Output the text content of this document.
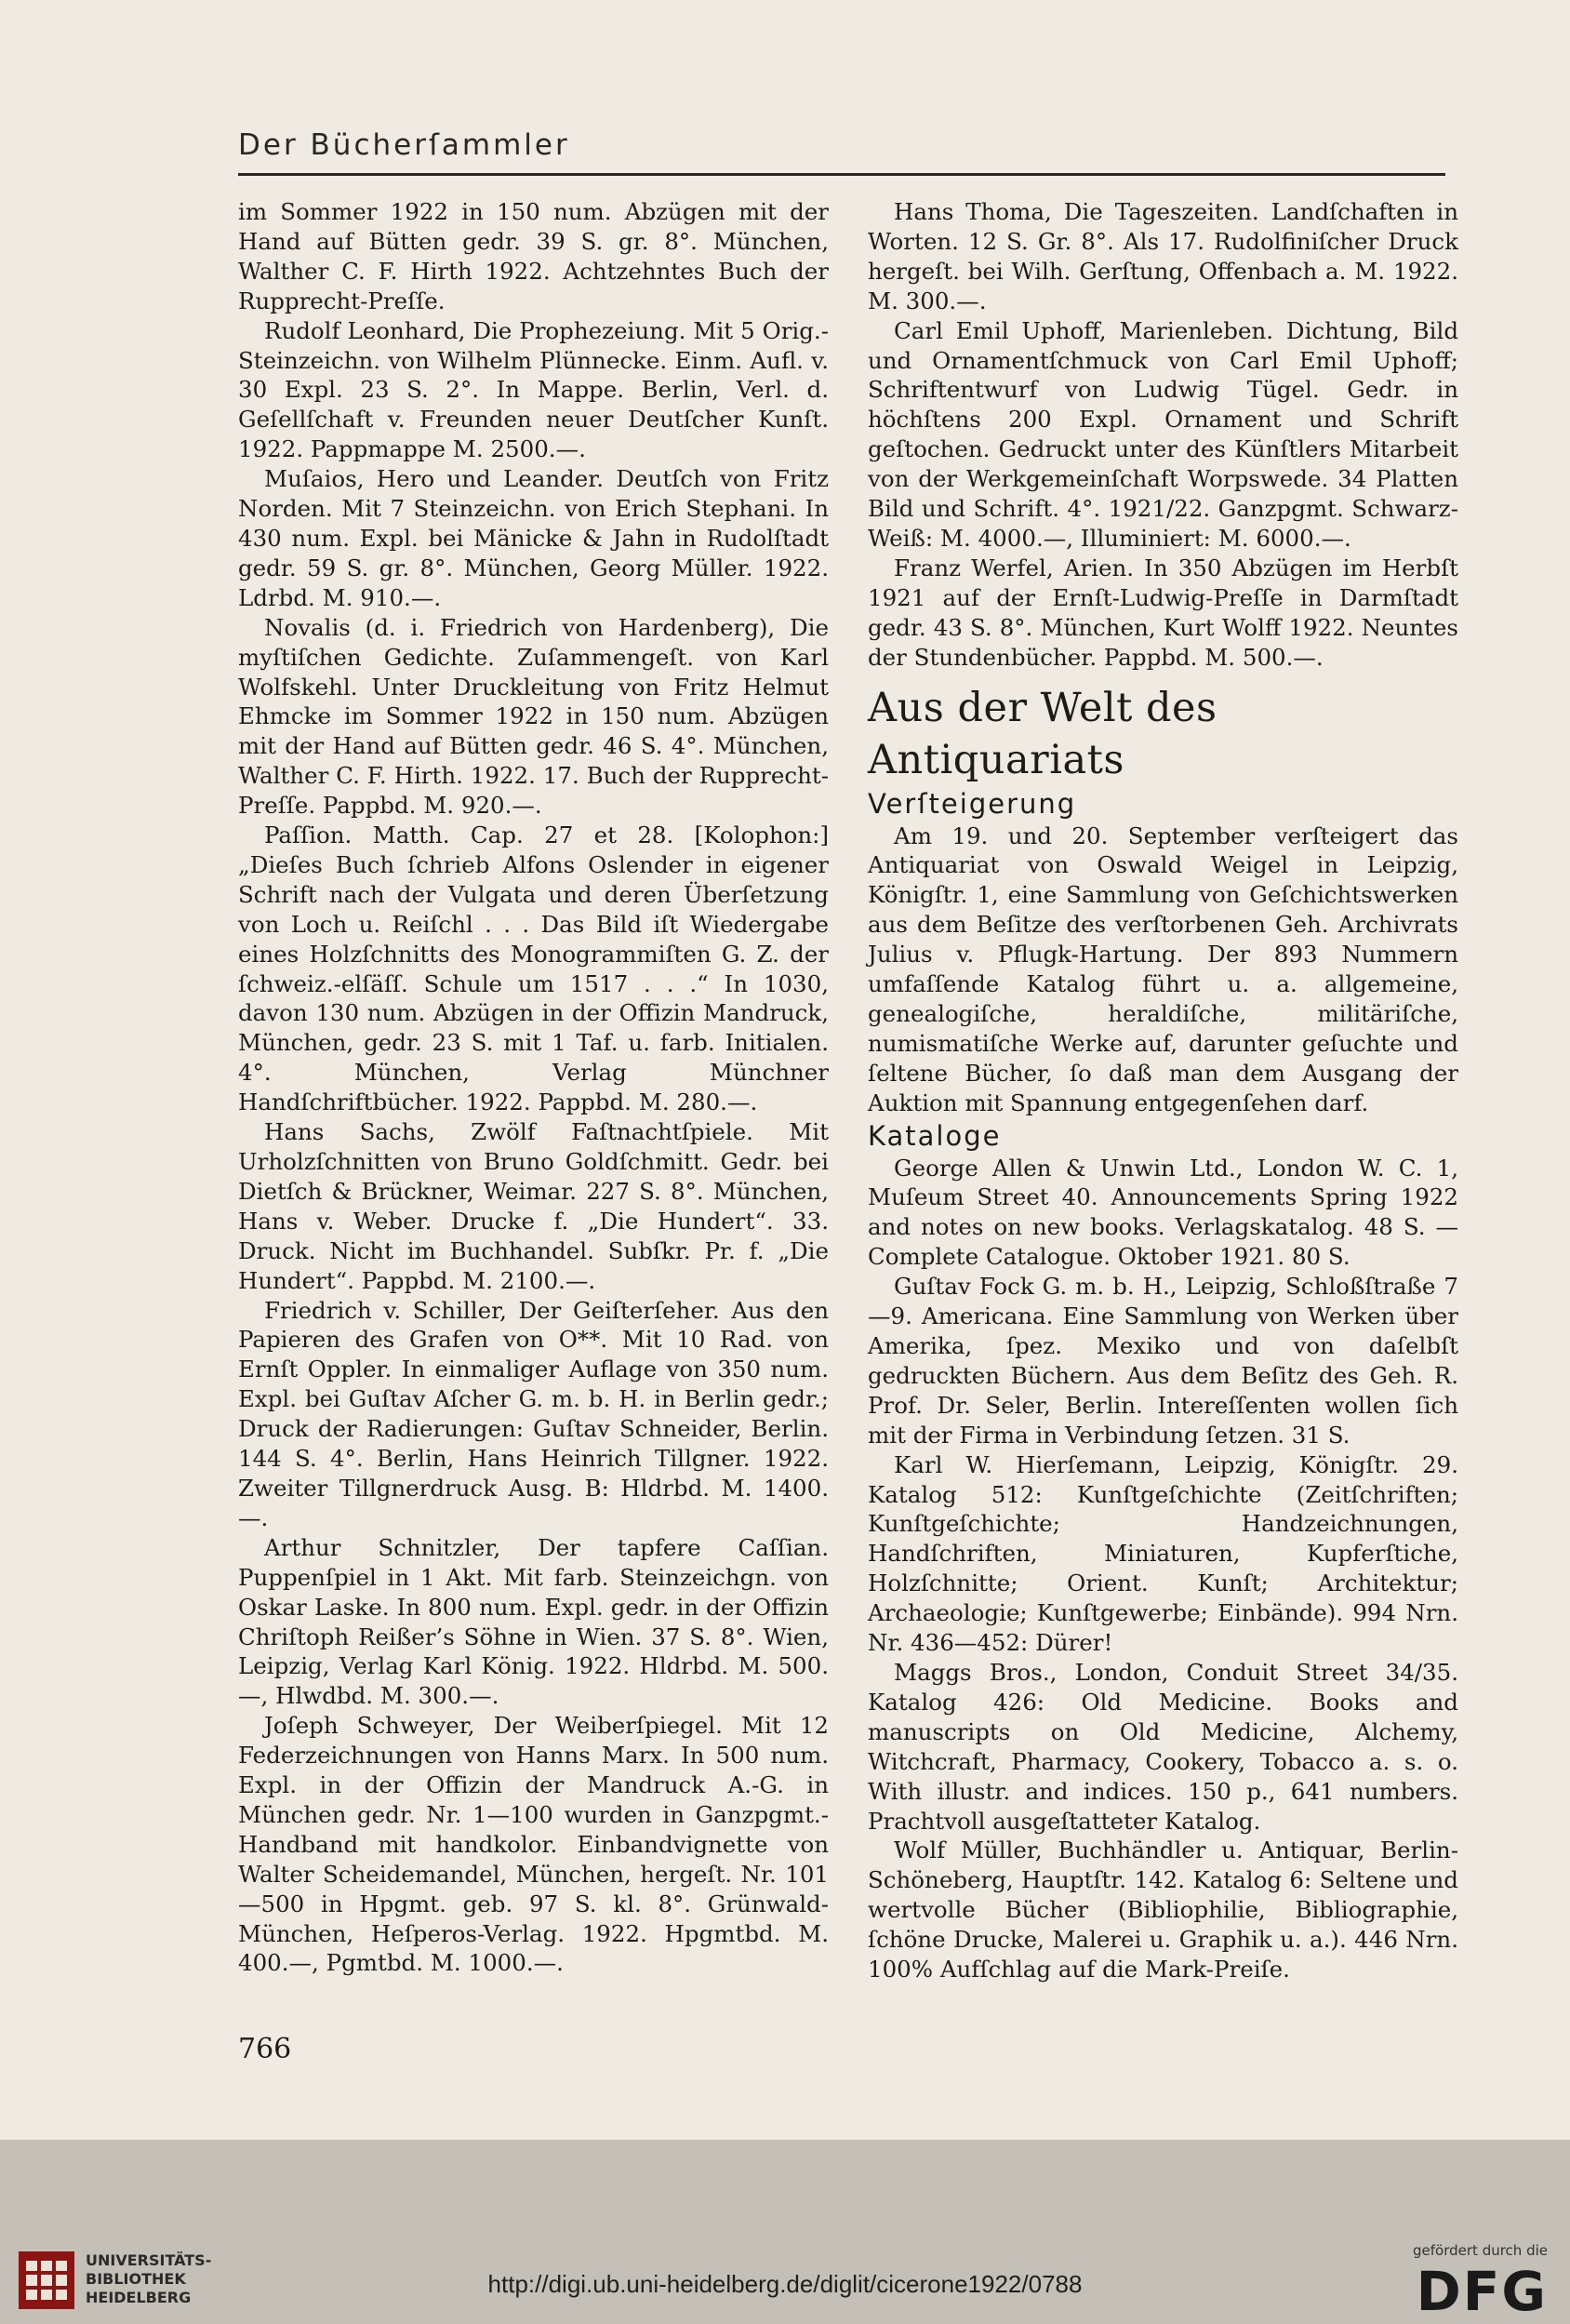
Der Bücherſammler

im Sommer 1922 in 150 num. Abzügen mit der Hand auf Bütten gedr. 39 S. gr. 8°. München, Walther C. F. Hirth 1922. Achtzehntes Buch der Rupprecht-Preſſe.

Rudolf Leonhard, Die Prophezeiung. Mit 5 Orig.-Steinzeichn. von Wilhelm Plünnecke. Einm. Aufl. v. 30 Expl. 23 S. 2°. In Mappe. Berlin, Verl. d. Geſellſchaft v. Freunden neuer Deutſcher Kunſt. 1922. Pappmappe M. 2500.—.

Muſaios, Hero und Leander. Deutſch von Fritz Norden. Mit 7 Steinzeichn. von Erich Stephani. In 430 num. Expl. bei Mänicke & Jahn in Rudolſtadt gedr. 59 S. gr. 8°. München, Georg Müller. 1922. Ldrbd. M. 910.—.

Novalis (d. i. Friedrich von Hardenberg), Die myſtiſchen Gedichte. Zuſammengeſt. von Karl Wolfskehl. Unter Druckleitung von Fritz Helmut Ehmcke im Sommer 1922 in 150 num. Abzügen mit der Hand auf Bütten gedr. 46 S. 4°. München, Walther C. F. Hirth. 1922. 17. Buch der Rupprecht-Preſſe. Pappbd. M. 920.—.

Paſſion. Matth. Cap. 27 et 28. [Kolophon:] „Dieſes Buch ſchrieb Alfons Oslender in eigener Schrift nach der Vulgata und deren Überſetzung von Loch u. Reiſchl . . . Das Bild iſt Wiedergabe eines Holzſchnitts des Monogrammiſten G. Z. der ſchweiz.-elſäſſ. Schule um 1517 . . .“ In 1030, davon 130 num. Abzügen in der Offizin Mandruck, München, gedr. 23 S. mit 1 Taf. u. farb. Initialen. 4°. München, Verlag Münchner Handſchriftbücher. 1922. Pappbd. M. 280.—.

Hans Sachs, Zwölf Faſtnachtſpiele. Mit Urholzſchnitten von Bruno Goldſchmitt. Gedr. bei Dietſch & Brückner, Weimar. 227 S. 8°. München, Hans v. Weber. Drucke f. „Die Hundert“. 33. Druck. Nicht im Buchhandel. Subſkr. Pr. f. „Die Hundert“. Pappbd. M. 2100.—.

Friedrich v. Schiller, Der Geiſterſeher. Aus den Papieren des Grafen von O**. Mit 10 Rad. von Ernſt Oppler. In einmaliger Auflage von 350 num. Expl. bei Guſtav Aſcher G. m. b. H. in Berlin gedr.; Druck der Radierungen: Guſtav Schneider, Berlin. 144 S. 4°. Berlin, Hans Heinrich Tillgner. 1922. Zweiter Tillgnerdruck Ausg. B: Hldrbd. M. 1400.—.

Arthur Schnitzler, Der tapfere Caſſian. Puppenſpiel in 1 Akt. Mit farb. Steinzeichgn. von Oskar Laske. In 800 num. Expl. gedr. in der Offizin Chriſtoph Reißer’s Söhne in Wien. 37 S. 8°. Wien, Leipzig, Verlag Karl König. 1922. Hldrbd. M. 500.—, Hlwdbd. M. 300.—.

Joſeph Schweyer, Der Weiberſpiegel. Mit 12 Federzeichnungen von Hanns Marx. In 500 num. Expl. in der Offizin der Mandruck A.-G. in München gedr. Nr. 1—100 wurden in Ganzpgmt.-Handband mit handkolor. Einbandvignette von Walter Scheidemandel, München, hergeſt. Nr. 101—500 in Hpgmt. geb. 97 S. kl. 8°. Grünwald-München, Heſperos-Verlag. 1922. Hpgmtbd. M. 400.—, Pgmtbd. M. 1000.—.

Hans Thoma, Die Tageszeiten. Landſchaften in Worten. 12 S. Gr. 8°. Als 17. Rudolfiniſcher Druck hergeſt. bei Wilh. Gerſtung, Offenbach a. M. 1922. M. 300.—.

Carl Emil Uphoff, Marienleben. Dichtung, Bild und Ornamentſchmuck von Carl Emil Uphoff; Schriftentwurf von Ludwig Tügel. Gedr. in höchſtens 200 Expl. Ornament und Schrift geſtochen. Gedruckt unter des Künſtlers Mitarbeit von der Werkgemeinſchaft Worpswede. 34 Platten Bild und Schrift. 4°. 1921/22. Ganzpgmt. Schwarz-Weiß: M. 4000.—, Illuminiert: M. 6000.—.

Franz Werfel, Arien. In 350 Abzügen im Herbſt 1921 auf der Ernſt-Ludwig-Preſſe in Darmſtadt gedr. 43 S. 8°. München, Kurt Wolff 1922. Neuntes der Stundenbücher. Pappbd. M. 500.—.

Aus der Welt des Antiquariats
Verſteigerung

Am 19. und 20. September verſteigert das Antiquariat von Oswald Weigel in Leipzig, Königſtr. 1, eine Sammlung von Geſchichtswerken aus dem Beſitze des verſtorbenen Geh. Archivrats Julius v. Pflugk-Hartung. Der 893 Nummern umfaſſende Katalog führt u. a. allgemeine, genealogiſche, heraldiſche, militäriſche, numismatiſche Werke auf, darunter geſuchte und ſeltene Bücher, ſo daß man dem Ausgang der Auktion mit Spannung entgegenſehen darf.

Kataloge

George Allen & Unwin Ltd., London W. C. 1, Muſeum Street 40. Announcements Spring 1922 and notes on new books. Verlagskatalog. 48 S. — Complete Catalogue. Oktober 1921. 80 S.

Guſtav Fock G. m. b. H., Leipzig, Schloßſtraße 7—9. Americana. Eine Sammlung von Werken über Amerika, ſpez. Mexiko und von daſelbſt gedruckten Büchern. Aus dem Beſitz des Geh. R. Prof. Dr. Seler, Berlin. Intereſſenten wollen ſich mit der Firma in Verbindung ſetzen. 31 S.

Karl W. Hierſemann, Leipzig, Königſtr. 29. Katalog 512: Kunſtgeſchichte (Zeitſchriften; Kunſtgeſchichte; Handzeichnungen, Handſchriften, Miniaturen, Kupferſtiche, Holzſchnitte; Orient. Kunſt; Architektur; Archaeologie; Kunſtgewerbe; Einbände). 994 Nrn. Nr. 436—452: Dürer!

Maggs Bros., London, Conduit Street 34/35. Katalog 426: Old Medicine. Books and manuscripts on Old Medicine, Alchemy, Witchcraft, Pharmacy, Cookery, Tobacco a. s. o. With illustr. and indices. 150 p., 641 numbers. Prachtvoll ausgeſtatteter Katalog.

Wolf Müller, Buchhändler u. Antiquar, Berlin-Schöneberg, Hauptſtr. 142. Katalog 6: Seltene und wertvolle Bücher (Bibliophilie, Bibliographie, ſchöne Drucke, Malerei u. Graphik u. a.). 446 Nrn. 100% Aufſchlag auf die Mark-Preiſe.

766
UNIVERSITÄTS-
BIBLIOTHEK
HEIDELBERG	http://digi.ub.uni-heidelberg.de/diglit/cicerone1922/0788
gefördert durch die
DFG
